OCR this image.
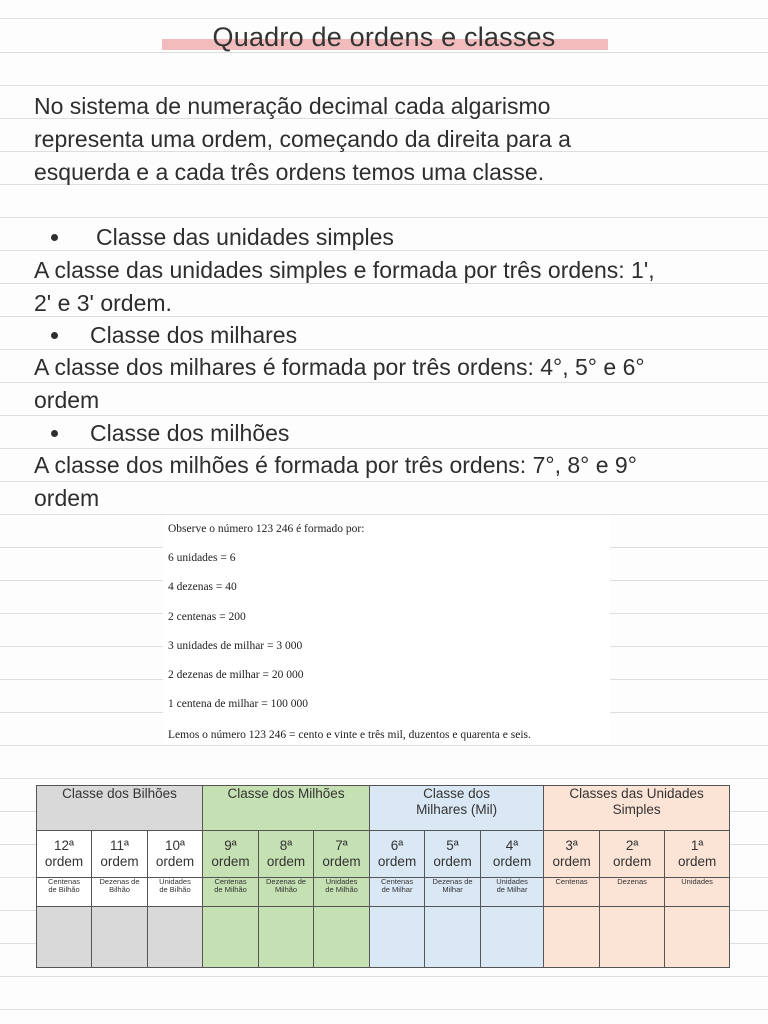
Quadro de ordens e classes

No sistema de numeração decimal cada algarismo
representa uma ordem, começando da direita para a
esquerda e a cada três ordens temos uma classe.

Classe das unidades simples

A classe das unidades simples e formada por três ordens: 1',
2' e 3' ordem.

Classe dos milhares

A classe dos milhares é formada por três ordens: 4°, 5° e 6°
ordem

Classe dos milhões

A classe dos milhões é formada por três ordens: 7°, 8° e 9°
ordem

Observe o número 123 246 é formado por:
6 unidades = 6
4 dezenas = 40
2 centenas = 200
3 unidades de milhar = 3 000
2 dezenas de milhar = 20 000
1 centena de milhar = 100 000
Lemos o número 123 246 = cento e vinte e três mil, duzentos e quarenta e seis.
Classe dos Bilhões			Classe dos Milhões			Classe dos Milhares (Mil)			Classes das Unidades Simples		
12ª ordem	11ª ordem	10ª ordem	9ª ordem	8ª ordem	7ª ordem	6ª ordem	5ª ordem	4ª ordem	3ª ordem	2ª ordem	1ª ordem
Centenas de Bilhão	Dezenas de Bilhão	Unidades de Bilhão	Centenas de Milhão	Dezenas de Milhão	Unidades de Milhão	Centenas de Milhar	Dezenas de Milhar	Unidades de Milhar	Centenas	Dezenas	Unidades
